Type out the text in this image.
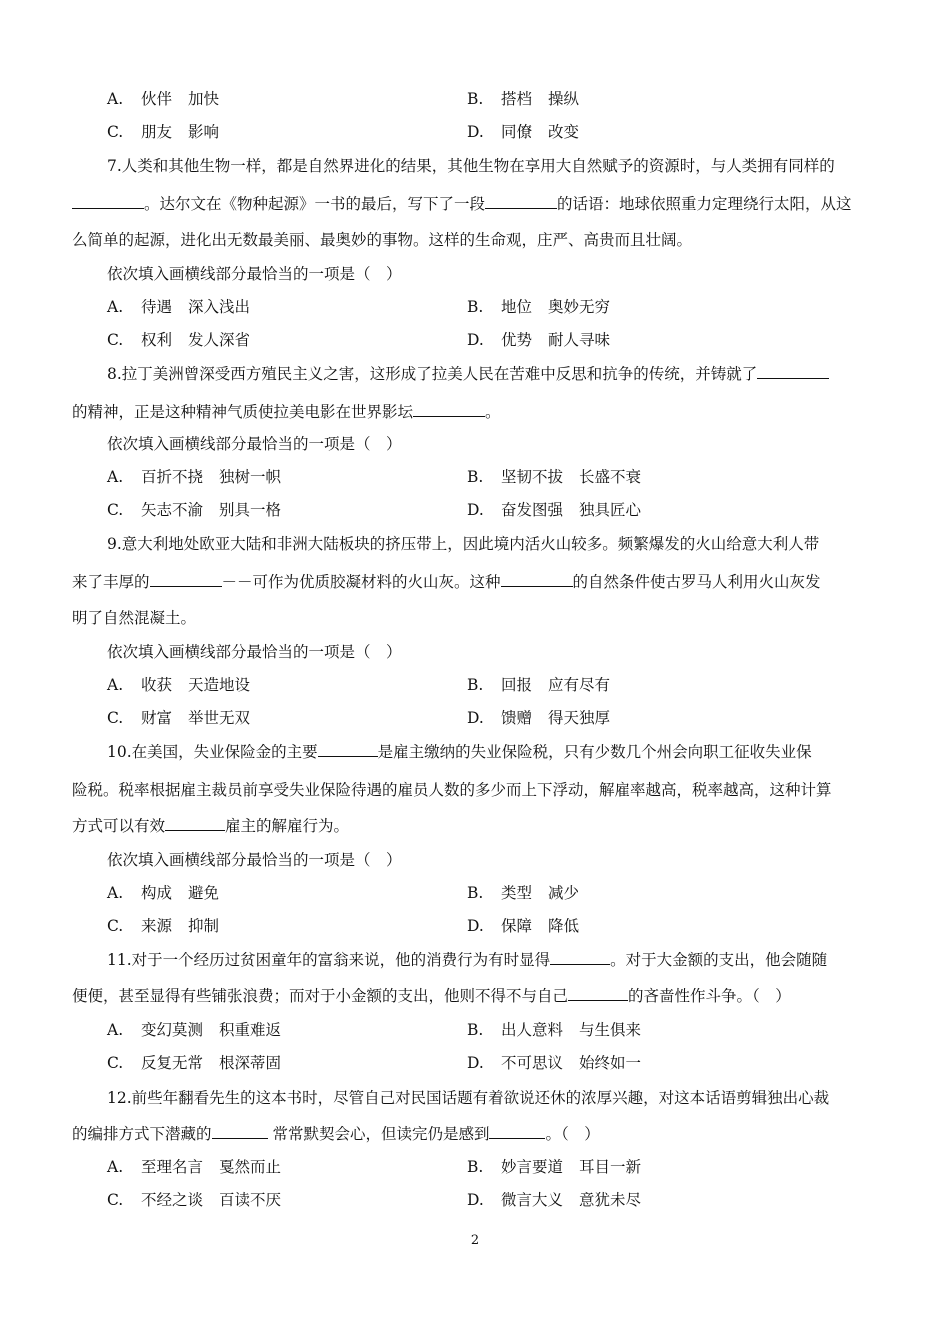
A. 伙伴 加快	B. 搭档 操纵
C. 朋友 影响	D. 同僚 改变
7.人类和其他生物一样，都是自然界进化的结果，其他生物在享用大自然赋予的资源时，与人类拥有同样的
。达尔文在《物种起源》一书的最后，写下了一段	的话语：地球依照重力定理绕行太阳，从这
么简单的起源，进化出无数最美丽、最奥妙的事物。这样的生命观，庄严、高贵而且壮阔。
依次填入画横线部分最恰当的一项是（　）
A. 待遇 深入浅出	B. 地位 奥妙无穷
C. 权利 发人深省	D. 优势 耐人寻味
8.拉丁美洲曾深受西方殖民主义之害，这形成了拉美人民在苦难中反思和抗争的传统，并铸就了
的精神，正是这种精神气质使拉美电影在世界影坛	。
依次填入画横线部分最恰当的一项是（　）
A. 百折不挠 独树一帜	B. 坚韧不拔 长盛不衰
C. 矢志不渝 别具一格	D. 奋发图强 独具匠心
9.意大利地处欧亚大陆和非洲大陆板块的挤压带上，因此境内活火山较多。频繁爆发的火山给意大利人带
来了丰厚的	－－可作为优质胶凝材料的火山灰。这种	的自然条件使古罗马人利用火山灰发
明了自然混凝土。
依次填入画横线部分最恰当的一项是（　）
A. 收获 天造地设	B. 回报 应有尽有
C. 财富 举世无双	D. 馈赠 得天独厚
10.在美国，失业保险金的主要	是雇主缴纳的失业保险税，只有少数几个州会向职工征收失业保
险税。税率根据雇主裁员前享受失业保险待遇的雇员人数的多少而上下浮动，解雇率越高，税率越高，这种计算
方式可以有效	雇主的解雇行为。
依次填入画横线部分最恰当的一项是（　）
A. 构成 避免	B. 类型 减少
C. 来源 抑制	D. 保障 降低
11.对于一个经历过贫困童年的富翁来说，他的消费行为有时显得	。对于大金额的支出，他会随随
便便，甚至显得有些铺张浪费；而对于小金额的支出，他则不得不与自己	的吝啬性作斗争。（　）
A. 变幻莫测 积重难返	B. 出人意料 与生俱来
C. 反复无常 根深蒂固	D. 不可思议 始终如一
12.前些年翻看先生的这本书时，尽管自己对民国话题有着欲说还休的浓厚兴趣，对这本话语剪辑独出心裁
的编排方式下潜藏的	常常默契会心，但读完仍是感到	。（　）
A. 至理名言 戛然而止	B. 妙言要道 耳目一新
C. 不经之谈 百读不厌	D. 微言大义 意犹未尽
2
